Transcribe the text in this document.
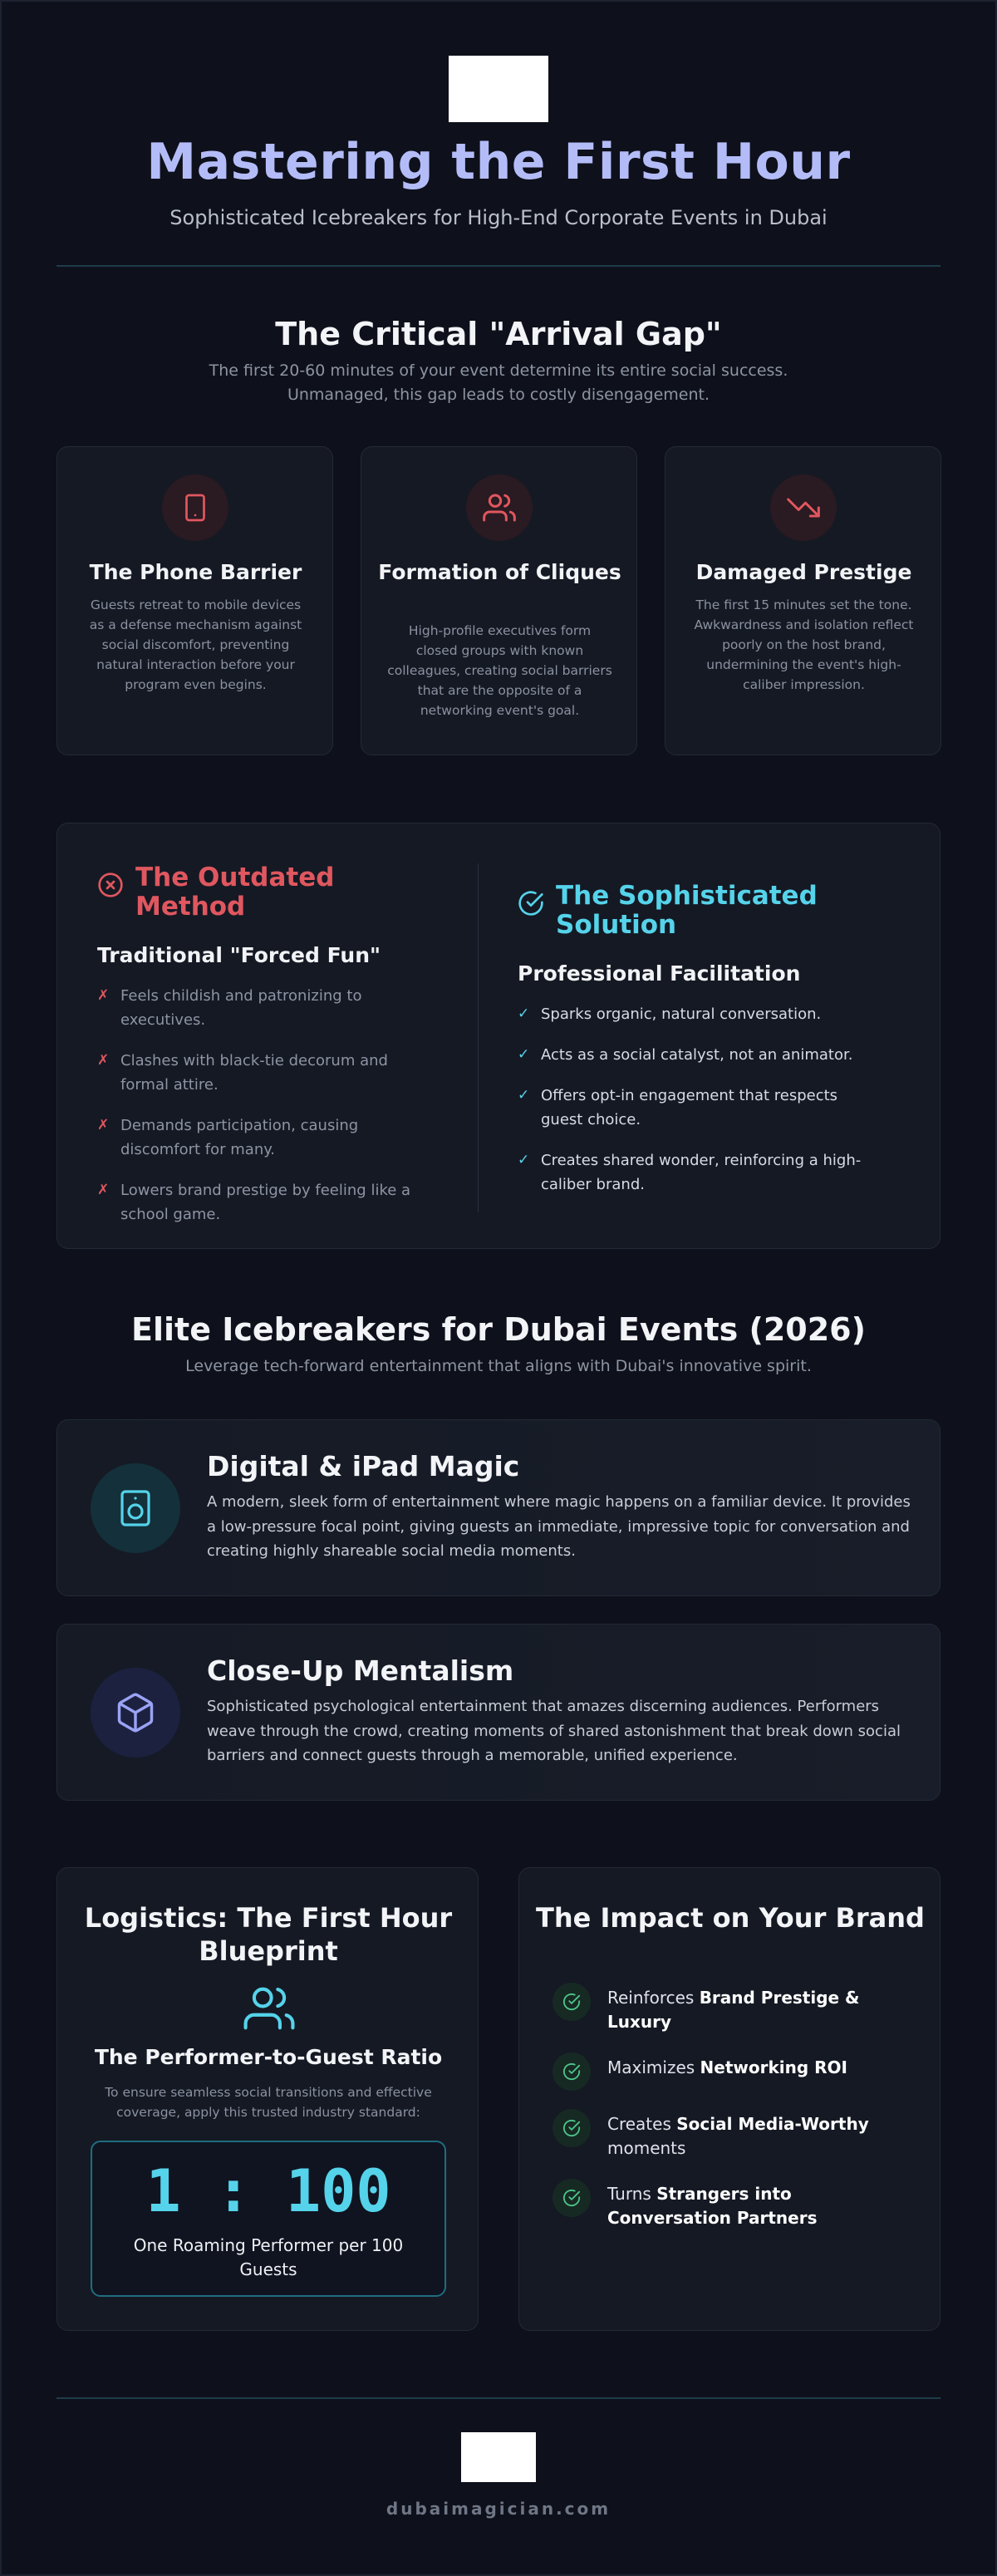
Mastering the First Hour
Sophisticated Icebreakers for High-End Corporate Events in Dubai
The Critical "Arrival Gap"
The first 20-60 minutes of your event determine its entire social success.
Unmanaged, this gap leads to costly disengagement.
The Phone Barrier
Guests retreat to mobile devices as a defense mechanism against social discomfort, preventing natural interaction before your program even begins.
Formation of Cliques
High-profile executives form closed groups with known colleagues, creating social barriers that are the opposite of a networking event's goal.
Damaged Prestige
The first 15 minutes set the tone. Awkwardness and isolation reflect poorly on the host brand, undermining the event's high-caliber impression.
The Outdated Method
Traditional "Forced Fun"
✗ Feels childish and patronizing to executives.
✗ Clashes with black-tie decorum and formal attire.
✗ Demands participation, causing discomfort for many.
✗ Lowers brand prestige by feeling like a school game.
The Sophisticated Solution
Professional Facilitation
✓ Sparks organic, natural conversation.
✓ Acts as a social catalyst, not an animator.
✓ Offers opt-in engagement that respects guest choice.
✓ Creates shared wonder, reinforcing a high-caliber brand.
Elite Icebreakers for Dubai Events (2026)
Leverage tech-forward entertainment that aligns with Dubai's innovative spirit.
Digital & iPad Magic
A modern, sleek form of entertainment where magic happens on a familiar device. It provides a low-pressure focal point, giving guests an immediate, impressive topic for conversation and creating highly shareable social media moments.
Close-Up Mentalism
Sophisticated psychological entertainment that amazes discerning audiences. Performers weave through the crowd, creating moments of shared astonishment that break down social barriers and connect guests through a memorable, unified experience.
Logistics: The First Hour Blueprint
The Performer-to-Guest Ratio
To ensure seamless social transitions and effective coverage, apply this trusted industry standard:
1 : 100
One Roaming Performer per 100 Guests
The Impact on Your Brand
Reinforces Brand Prestige & Luxury
Maximizes Networking ROI
Creates Social Media-Worthy moments
Turns Strangers into Conversation Partners
dubaimagician.com
